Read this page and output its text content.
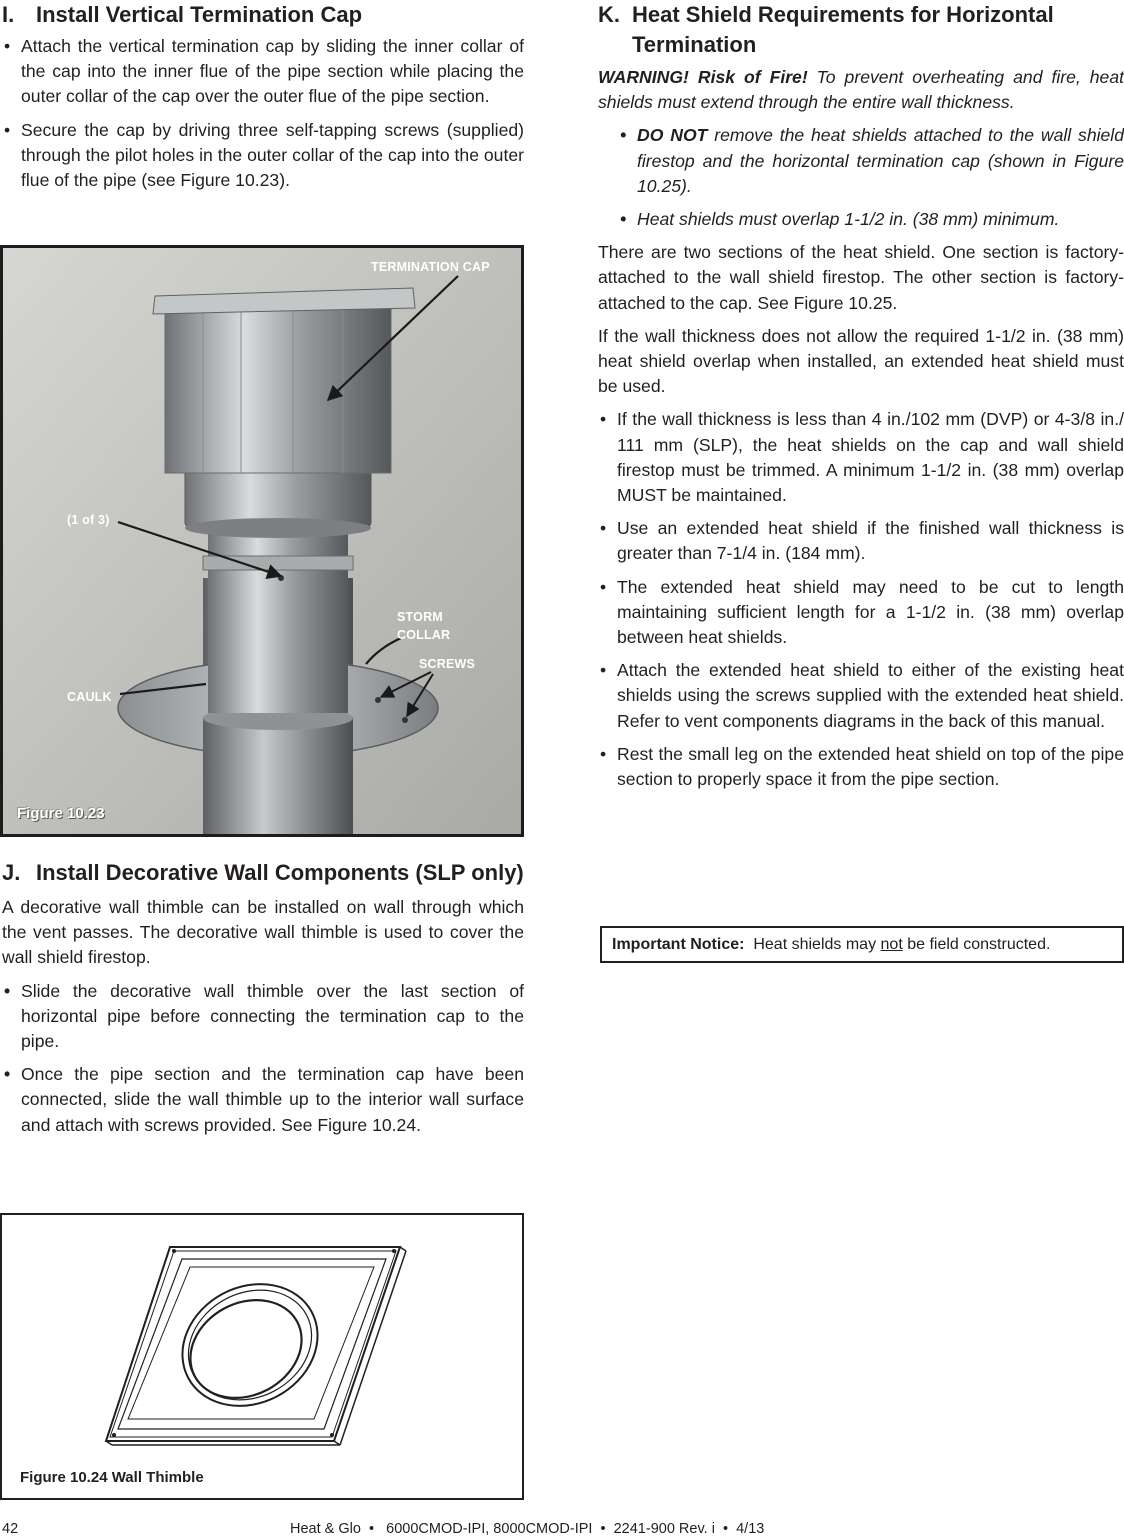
I. Install Vertical Termination Cap
• Attach the vertical termination cap by sliding the inner collar of the cap into the inner flue of the pipe section while placing the outer collar of the cap over the outer flue of the pipe section.
• Secure the cap by driving three self-tapping screws (supplied) through the pilot holes in the outer collar of the cap into the outer flue of the pipe (see Figure 10.23).
TERMINATION CAP
(1 of 3)
STORM
COLLAR
SCREWS
CAULK
Figure 10.23
J. Install Decorative Wall Components (SLP only)

A decorative wall thimble can be installed on wall through which the vent passes. The decorative wall thimble is used to cover the wall shield firestop.

• Slide the decorative wall thimble over the last section of horizontal pipe before connecting the termination cap to the pipe.
• Once the pipe section and the termination cap have been connected, slide the wall thimble up to the interior wall surface and attach with screws provided. See Figure 10.24.
Figure 10.24 Wall Thimble
K. Heat Shield Requirements for Horizontal Termination

WARNING! Risk of Fire! To prevent overheating and fire, heat shields must extend through the entire wall thickness.

• DO NOT remove the heat shields attached to the wall shield firestop and the horizontal termination cap (shown in Figure 10.25).
• Heat shields must overlap 1-1/2 in. (38 mm) minimum.

There are two sections of the heat shield. One section is factory-attached to the wall shield firestop. The other section is factory-attached to the cap. See Figure 10.25.

If the wall thickness does not allow the required 1-1/2 in. (38 mm) heat shield overlap when installed, an extended heat shield must be used.

• If the wall thickness is less than 4 in./102 mm (DVP) or 4-3/8 in./ 111 mm (SLP), the heat shields on the cap and wall shield firestop must be trimmed. A minimum 1-1/2 in. (38 mm) overlap MUST be maintained.
• Use an extended heat shield if the finished wall thickness is greater than 7-1/4 in. (184 mm).
• The extended heat shield may need to be cut to length maintaining sufficient length for a 1-1/2 in. (38 mm) overlap between heat shields.
• Attach the extended heat shield to either of the existing heat shields using the screws supplied with the extended heat shield. Refer to vent components diagrams in the back of this manual.
• Rest the small leg on the extended heat shield on top of the pipe section to properly space it from the pipe section.
Important Notice:  Heat shields may not be field constructed.
42	Heat & Glo  •   6000CMOD-IPI, 8000CMOD-IPI  •  2241-900 Rev. i  •  4/13
